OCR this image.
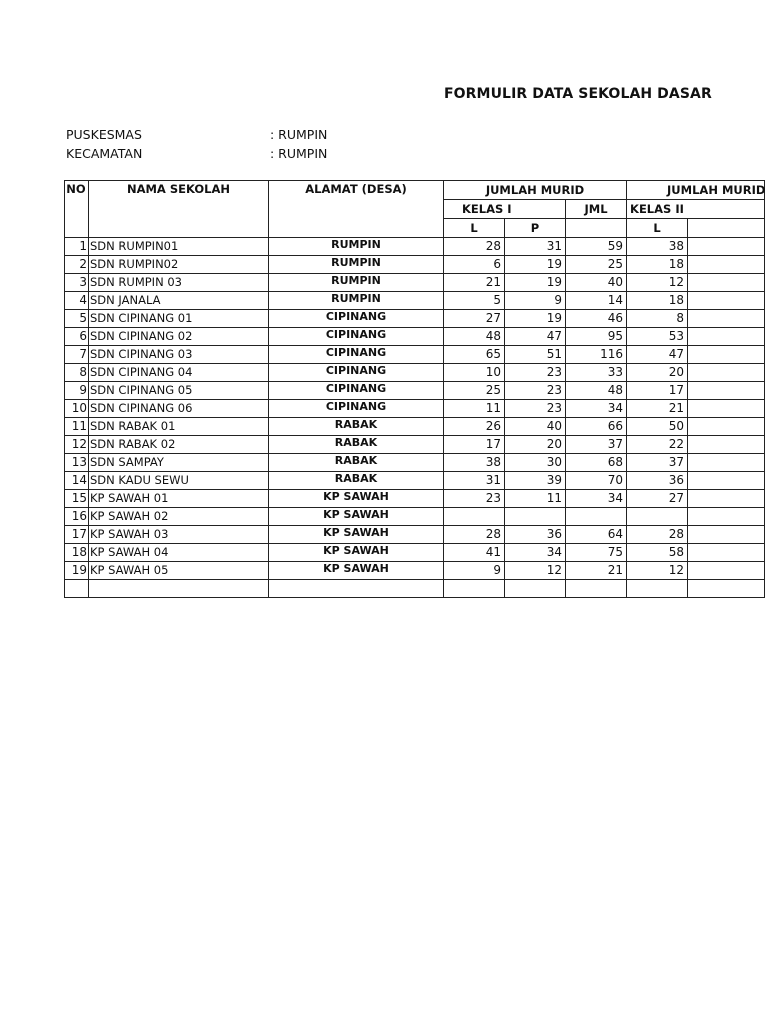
FORMULIR DATA SEKOLAH DASAR
PUSKESMAS	: RUMPIN
KECAMATAN	: RUMPIN
NO	NAMA SEKOLAH	ALAMAT (DESA)	JUMLAH MURID			JUMLAH MURID	
			KELAS I		JML	KELAS II	
			L	P		L	
1	SDN RUMPIN01	RUMPIN	28	31	59	38	
2	SDN RUMPIN02	RUMPIN	6	19	25	18	
3	SDN RUMPIN 03	RUMPIN	21	19	40	12	
4	SDN JANALA	RUMPIN	5	9	14	18	
5	SDN CIPINANG 01	CIPINANG	27	19	46	8	
6	SDN CIPINANG 02	CIPINANG	48	47	95	53	
7	SDN CIPINANG 03	CIPINANG	65	51	116	47	
8	SDN CIPINANG 04	CIPINANG	10	23	33	20	
9	SDN CIPINANG 05	CIPINANG	25	23	48	17	
10	SDN CIPINANG 06	CIPINANG	11	23	34	21	
11	SDN RABAK 01	RABAK	26	40	66	50	
12	SDN RABAK 02	RABAK	17	20	37	22	
13	SDN SAMPAY	RABAK	38	30	68	37	
14	SDN KADU SEWU	RABAK	31	39	70	36	
15	KP SAWAH 01	KP SAWAH	23	11	34	27	
16	KP SAWAH 02	KP SAWAH					
17	KP SAWAH 03	KP SAWAH	28	36	64	28	
18	KP SAWAH 04	KP SAWAH	41	34	75	58	
19	KP SAWAH 05	KP SAWAH	9	12	21	12	
